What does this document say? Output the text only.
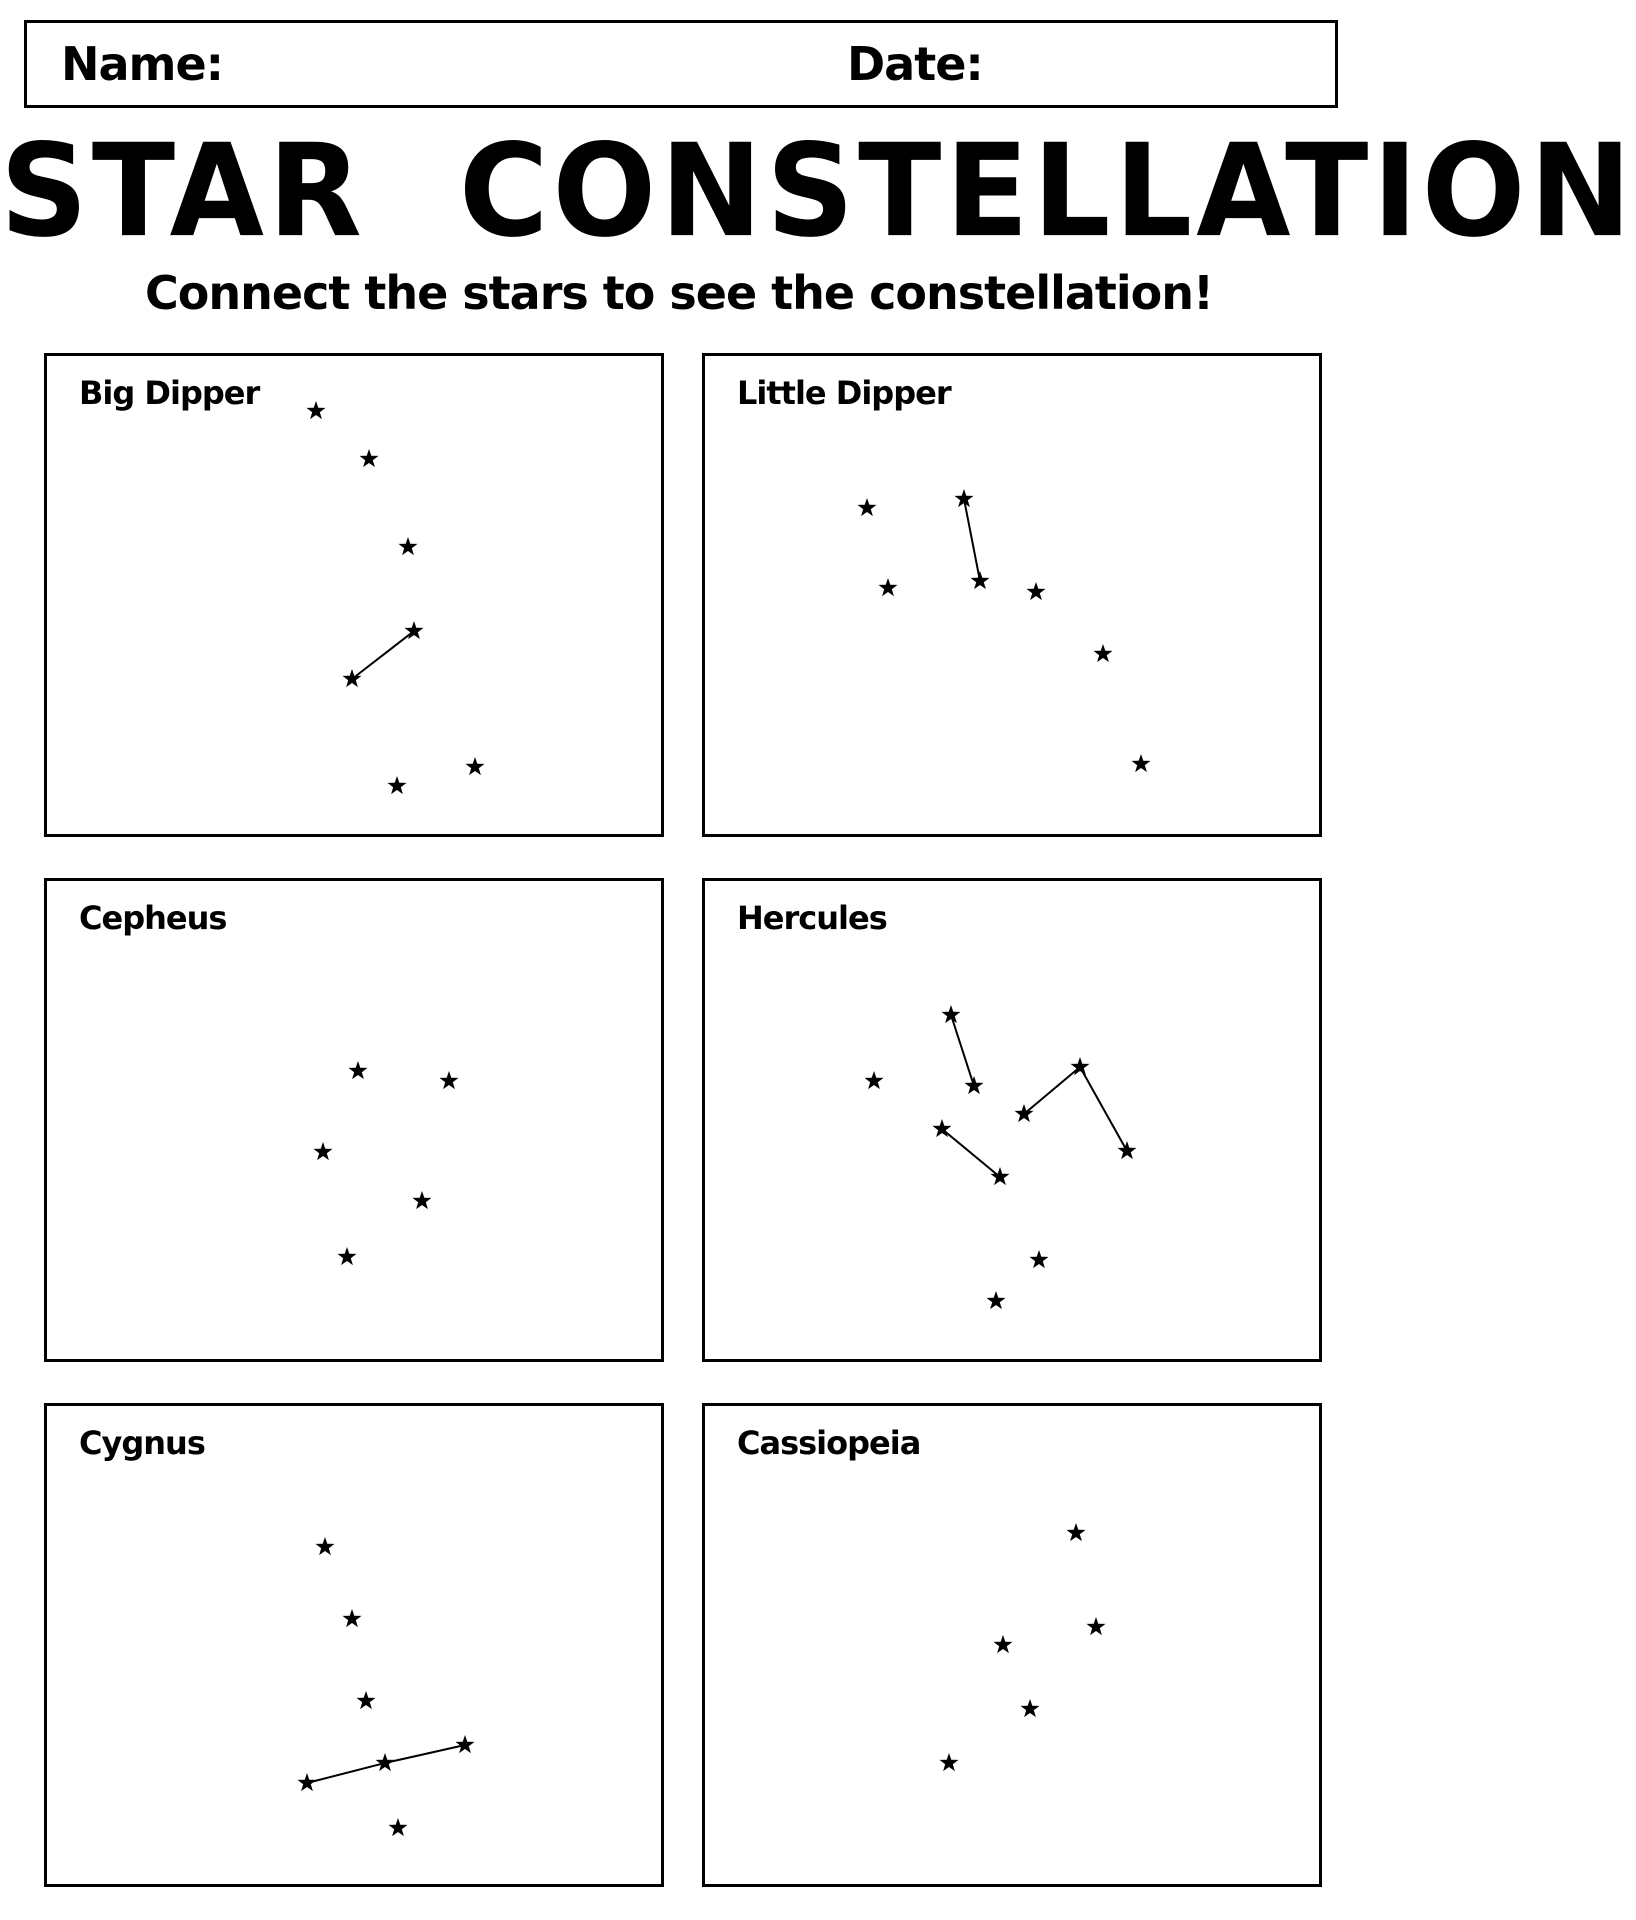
Name:	Date:
STAR  CONSTELLATION

Connect the stars to see the constellation!

Big Dipper	Little Dipper
Cepheus	Hercules
Cygnus	Cassiopeia
